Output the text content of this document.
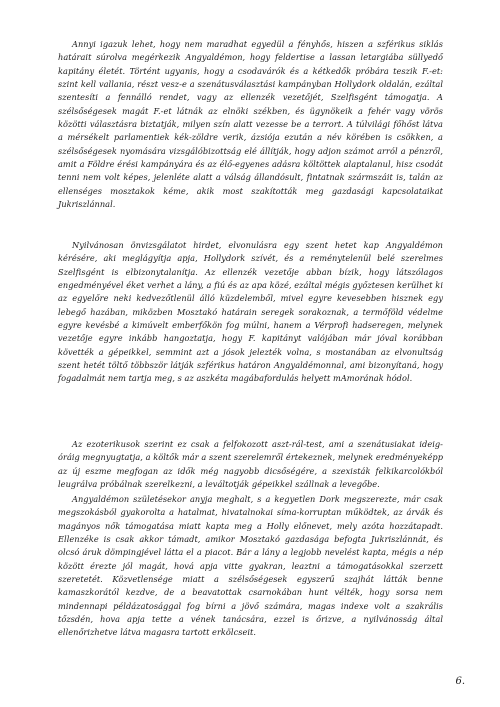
Annyi igazuk lehet, hogy nem maradhat egyedül a fényhős, hiszen a szférikus siklás határait súrolva megérkezik Angyaldémon, hogy feldertise a lassan letargiába süllyedő kapitány életét. Történt ugyanis, hogy a csodavárók és a kétkedők próbára teszik F.-et: szint kell vallania, részt vesz-e a szenátusválasztási kampányban Hollydork oldalán, ezáltal szentesíti a fennálló rendet, vagy az ellenzék vezetőjét, Szelfisgént támogatja. A szélsőségesek magát F.-et látnák az elnöki székben, és ügynökeik a fehér vagy vörös közötti választásra biztatják, milyen szín alatt vezesse be a terrort. A túlvilági főhőst látva a mérsékelt parlamentiek kék-zöldre verik, ázsiója ezután a név körében is csökken, a szélsőségesek nyomására vizsgálóbizottság elé állítják, hogy adjon számot arról a pénzről, amit a Földre érési kampányára és az élő-egyenes adásra költöttek alaptalanul, hisz csodát tenni nem volt képes, jelenléte alatt a válság állandósult, fintatnak szármszáit is, talán az ellenséges mosztakok kéme, akik most szakították meg gazdasági kapcsolataikat Jukriszlánnal.

Nyilvánosan önvizsgálatot hirdet, elvonulásra egy szent hetet kap Angyaldémon kérésére, aki meglágyítja apja, Hollydork szívét, és a reménytelenül belé szerelmes Szelfisgént is elbizonytalanítja. Az ellenzék vezetője abban bízik, hogy látszólagos engedményével éket verhet a lány, a fiú és az apa közé, ezáltal mégis győztesen kerülhet ki az egyelőre neki kedvezőtlenül álló küzdelemből, mivel egyre kevesebben hisznek egy lebegő hazában, miközben Mosztakó határain seregek sorakoznak, a termőföld védelme egyre kevésbé a kimúvelt emberfőkön fog múlni, hanem a Vérprofi hadseregen, melynek vezetője egyre inkább hangoztatja, hogy F. kapitányt valójában már jóval korábban követték a gépeikkel, semmint azt a jósok jelezték volna, s mostanában az elvonultság szent hetét töltő többször látják szférikus határon Angyaldémonnal, ami bizonyítaná, hogy fogadalmát nem tartja meg, s az aszkéta magábafordulás helyett mAmorának hódol.

Az ezoterikusok szerint ez csak a felfokozott aszt-rál-test, ami a szenátusiakat ideig-óráig megnyugtatja, a költők már a szent szerelemről értekeznek, melynek eredményeképp az új eszme megfogan az idők még nagyobb dicsőségére, a szexisták felkikarcolókból leugrálva próbálnak szerelkezni, a leváltotják gépeikkel szállnak a levegőbe.

Angyaldémon születésekor anyja meghalt, s a kegyetlen Dork megszerezte, már csak megszokásból gyakorolta a hatalmat, hivatalnokai síma-korruptan működtek, az árvák és magányos nők támogatása miatt kapta meg a Holly előnevet, mely azóta hozzátapadt. Ellenzéke is csak akkor támadt, amikor Mosztakó gazdasága befogta Jukriszlánnát, és olcsó áruk dömpingjével látta el a piacot. Bár a lány a legjobb nevelést kapta, mégis a nép között érezte jól magát, hová apja vitte gyakran, leaztni a támogatásokkal szerzett szeretetét. Közvetlensége miatt a szélsőségesek egyszerű szajhát látták benne kamaszkorától kezdve, de a beavatottak csarnokában hunt vélték, hogy sorsa nem mindennapi példázatosággal fog bírni a jövő számára, magas indexe volt a szakrális tőzsdén, hova apja tette a vének tanácsára, ezzel is őrizve, a nyilvánosság által ellenőrizhetve látva magasra tartott erkölcseit.

6.
